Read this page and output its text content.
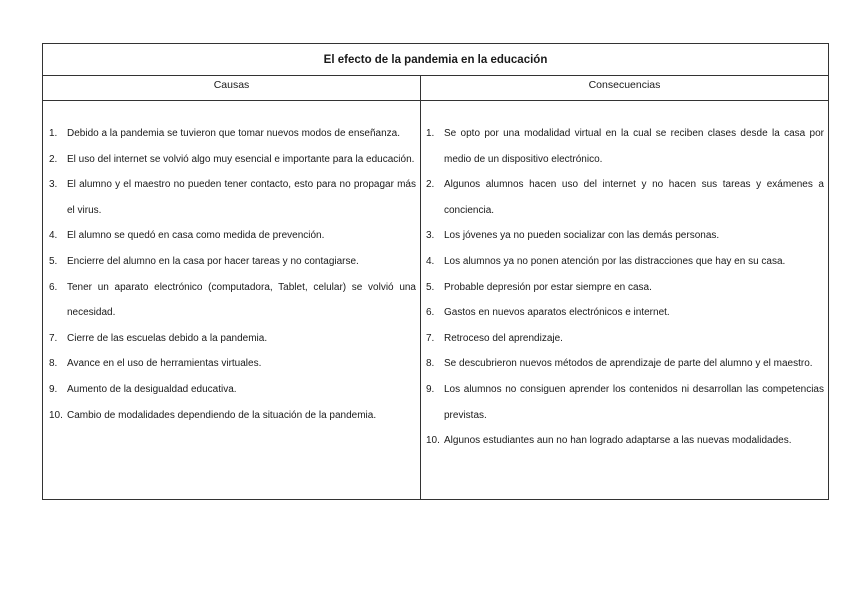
El efecto de la pandemia en la educación
Causas	Consecuencias
1. Debido a la pandemia se tuvieron que tomar nuevos modos de enseñanza.
2. El uso del internet se volvió algo muy esencial e importante para la educación.
3. El alumno y el maestro no pueden tener contacto, esto para no propagar más el virus.
4. El alumno se quedó en casa como medida de prevención.
5. Encierre del alumno en la casa por hacer tareas y no contagiarse.
6. Tener un aparato electrónico (computadora, Tablet, celular) se volvió una necesidad.
7. Cierre de las escuelas debido a la pandemia.
8. Avance en el uso de herramientas virtuales.
9. Aumento de la desigualdad educativa.
10. Cambio de modalidades dependiendo de la situación de la pandemia.
1. Se opto por una modalidad virtual en la cual se reciben clases desde la casa por medio de un dispositivo electrónico.
2. Algunos alumnos hacen uso del internet y no hacen sus tareas y exámenes a conciencia.
3. Los jóvenes ya no pueden socializar con las demás personas.
4. Los alumnos ya no ponen atención por las distracciones que hay en su casa.
5. Probable depresión por estar siempre en casa.
6. Gastos en nuevos aparatos electrónicos e internet.
7. Retroceso del aprendizaje.
8. Se descubrieron nuevos métodos de aprendizaje de parte del alumno y el maestro.
9. Los alumnos no consiguen aprender los contenidos ni desarrollan las competencias previstas.
10. Algunos estudiantes aun no han logrado adaptarse a las nuevas modalidades.
